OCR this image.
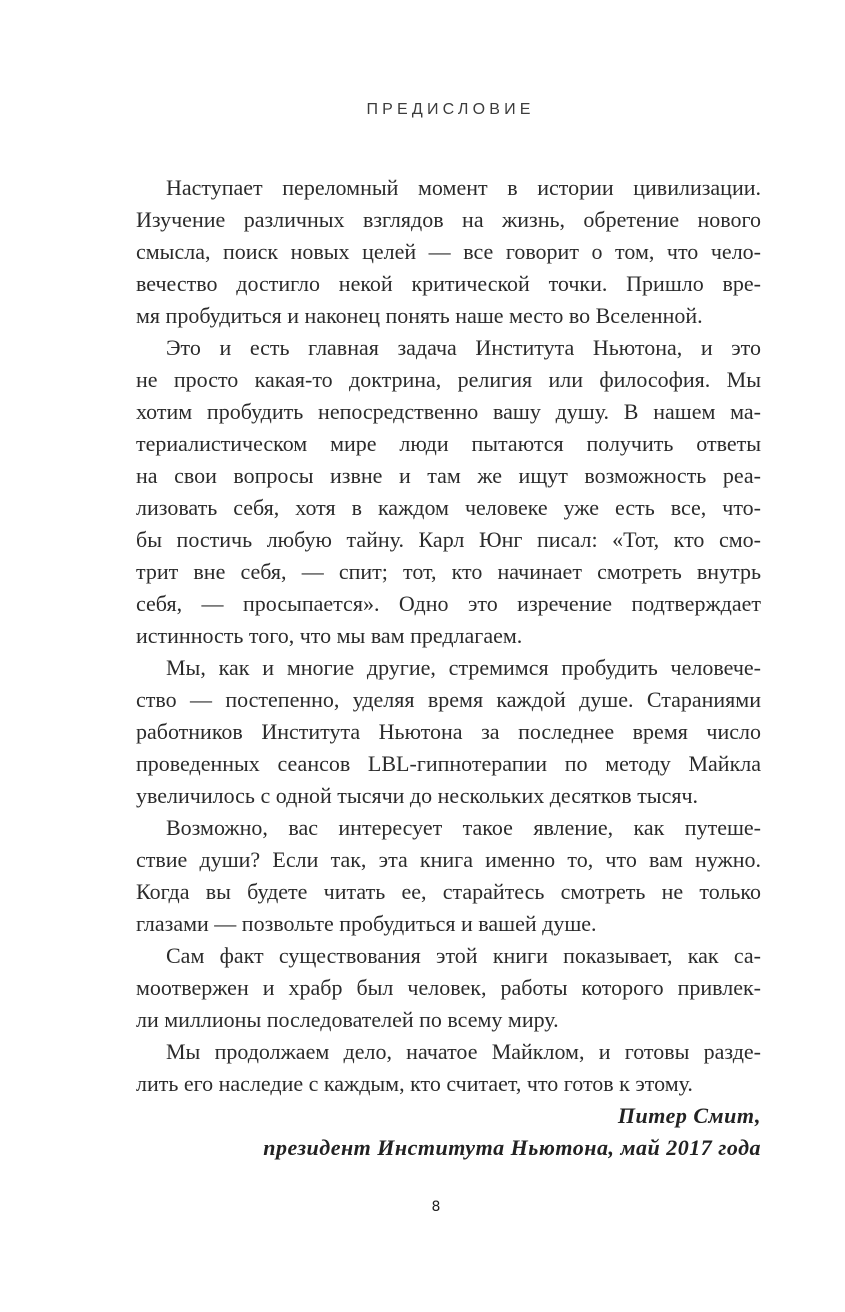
ПРЕДИСЛОВИЕ
Наступает переломный момент в истории цивилизации.
Изучение различных взглядов на жизнь, обретение нового
смысла, поиск новых целей — все говорит о том, что чело-
вечество достигло некой критической точки. Пришло вре-
мя пробудиться и наконец понять наше место во Вселенной.
Это и есть главная задача Института Ньютона, и это
не просто какая-то доктрина, религия или философия. Мы
хотим пробудить непосредственно вашу душу. В нашем ма-
териалистическом мире люди пытаются получить ответы
на свои вопросы извне и там же ищут возможность реа-
лизовать себя, хотя в каждом человеке уже есть все, что-
бы постичь любую тайну. Карл Юнг писал: «Тот, кто смо-
трит вне себя, — спит; тот, кто начинает смотреть внутрь
себя, — просыпается». Одно это изречение подтверждает
истинность того, что мы вам предлагаем.
Мы, как и многие другие, стремимся пробудить человече-
ство — постепенно, уделяя время каждой душе. Стараниями
работников Института Ньютона за последнее время число
проведенных сеансов LBL-гипнотерапии по методу Майкла
увеличилось с одной тысячи до нескольких десятков тысяч.
Возможно, вас интересует такое явление, как путеше-
ствие души? Если так, эта книга именно то, что вам нужно.
Когда вы будете читать ее, старайтесь смотреть не только
глазами — позвольте пробудиться и вашей душе.
Сам факт существования этой книги показывает, как са-
моотвержен и храбр был человек, работы которого привлек-
ли миллионы последователей по всему миру.
Мы продолжаем дело, начатое Майклом, и готовы разде-
лить его наследие с каждым, кто считает, что готов к этому.
Питер Смит,
президент Института Ньютона, май 2017 года
8
